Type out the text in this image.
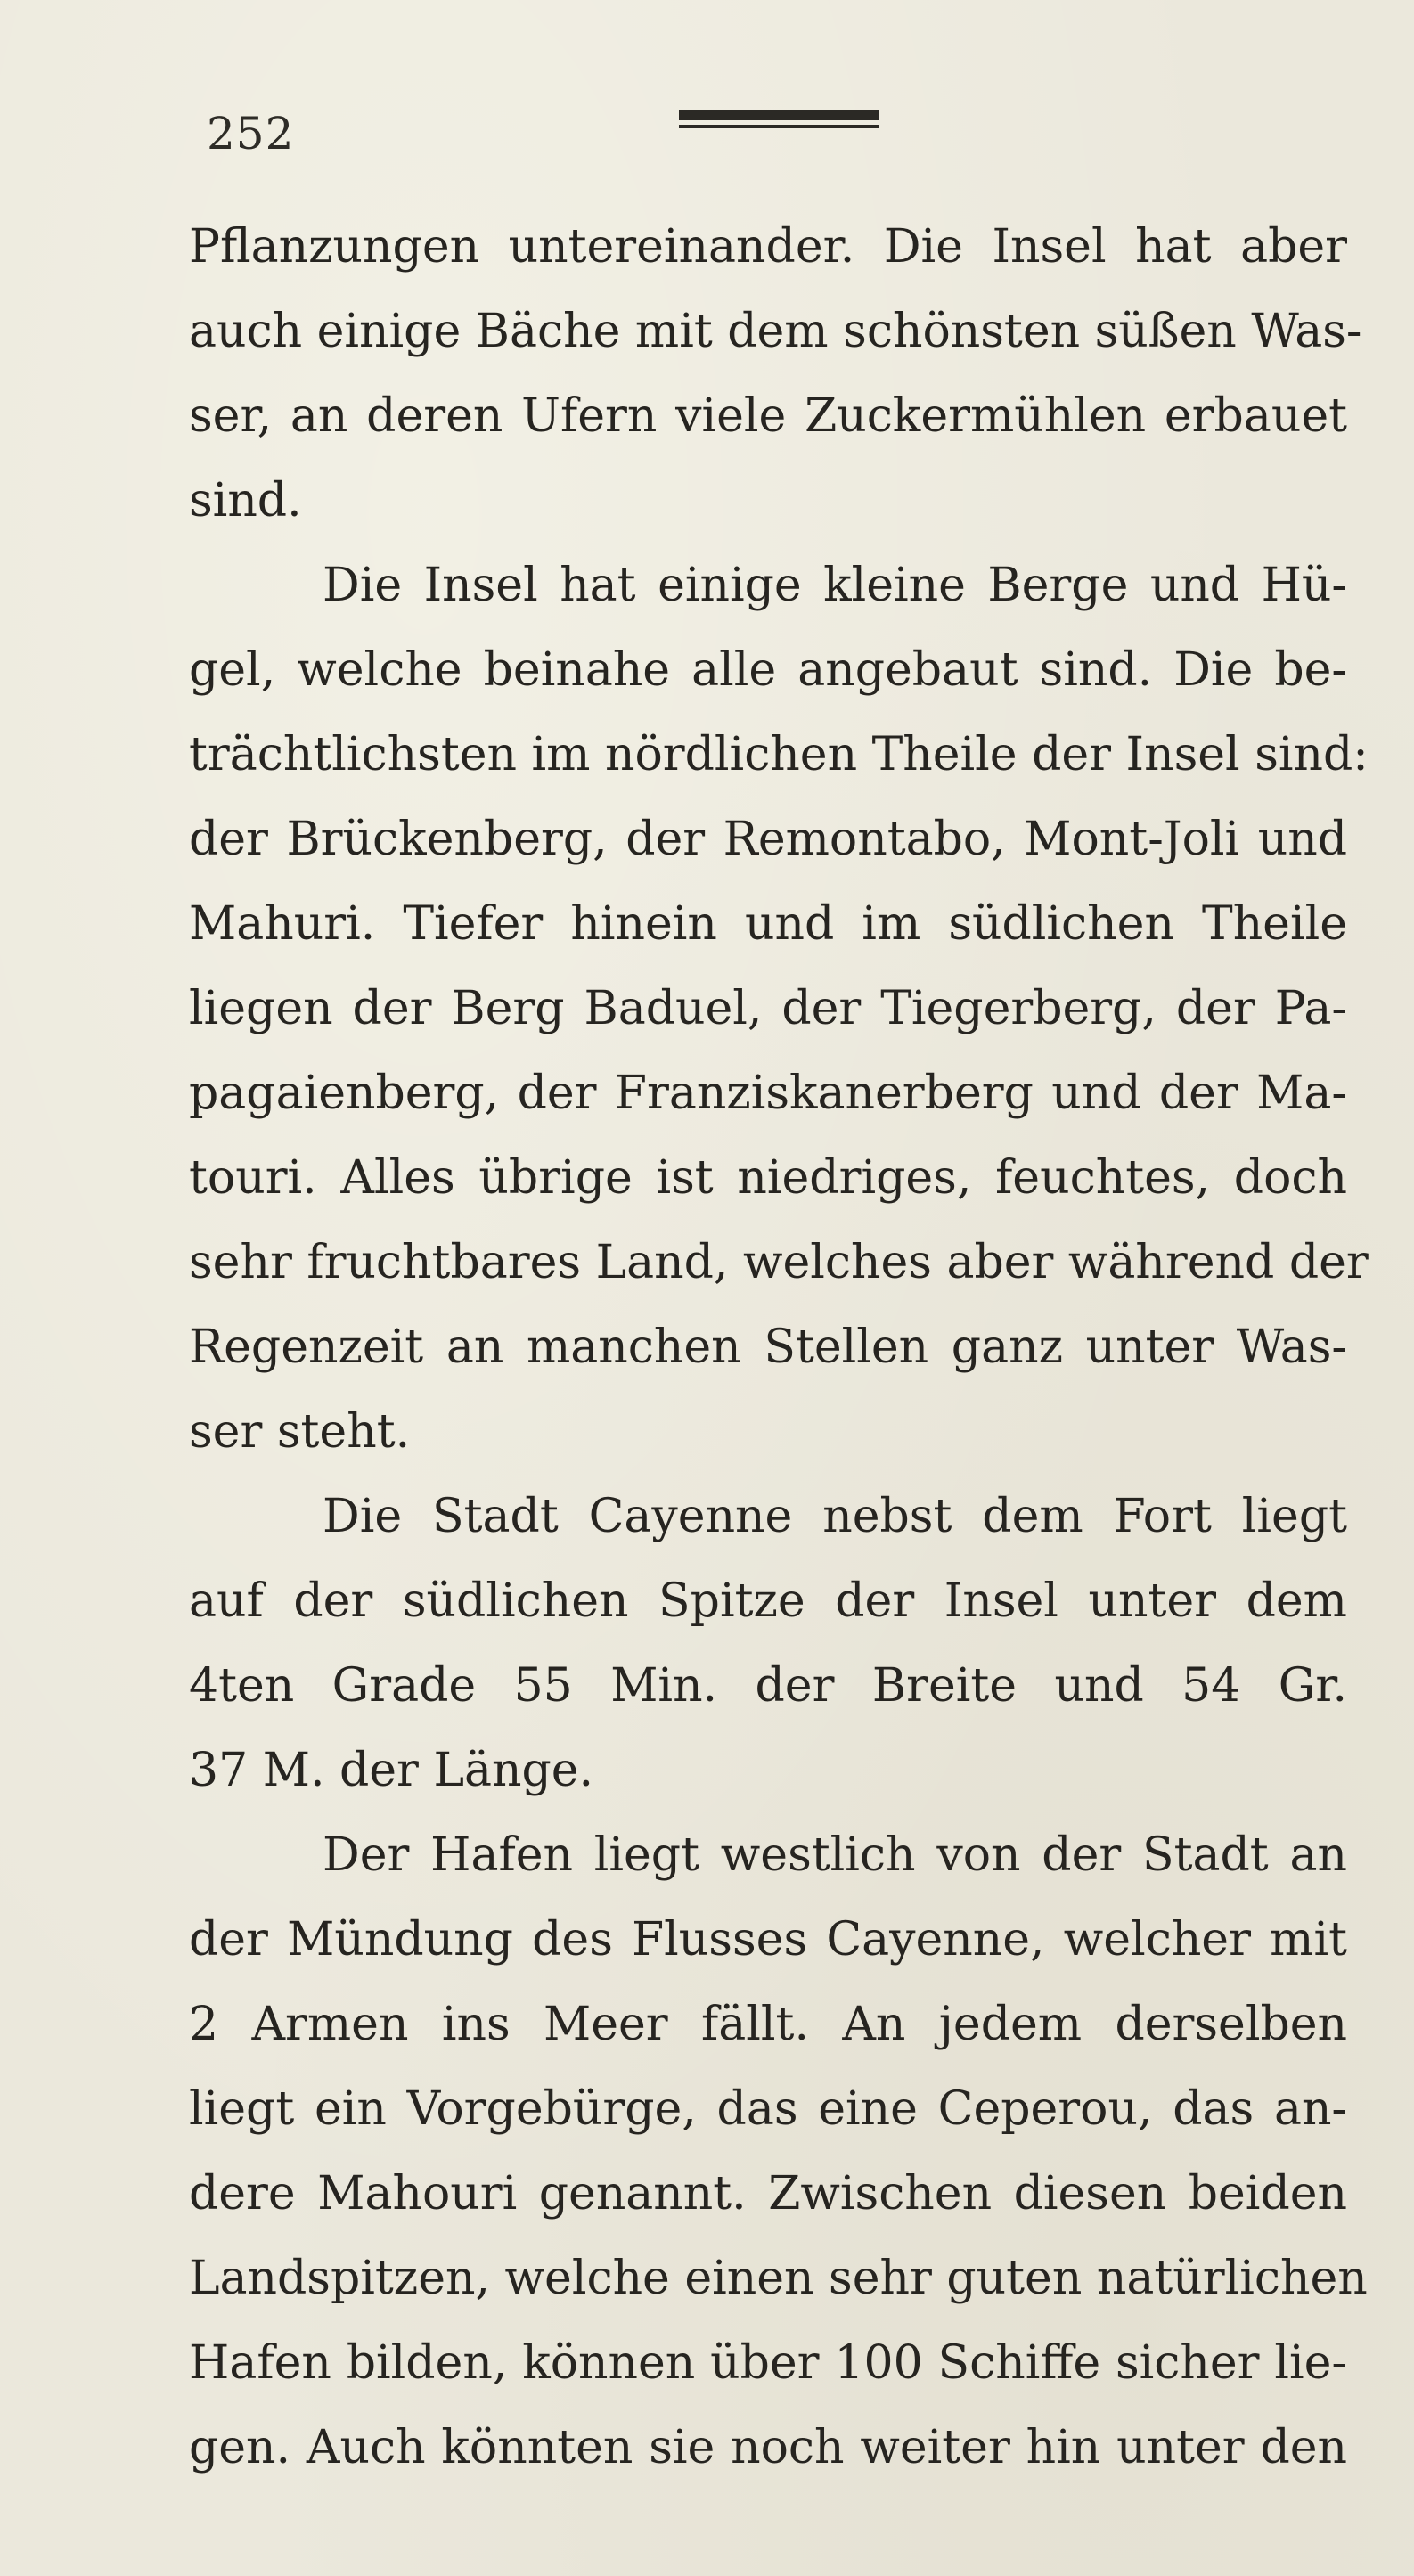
252
Pflanzungen untereinander. Die Insel hat aber
auch einige Bäche mit dem schönsten süßen Was-
ser, an deren Ufern viele Zuckermühlen erbauet
sind.
Die Insel hat einige kleine Berge und Hü-
gel, welche beinahe alle angebaut sind. Die be-
trächtlichsten im nördlichen Theile der Insel sind:
der Brückenberg, der Remontabo, Mont-Joli und
Mahuri. Tiefer hinein und im südlichen Theile
liegen der Berg Baduel, der Tiegerberg, der Pa-
pagaienberg, der Franziskanerberg und der Ma-
touri. Alles übrige ist niedriges, feuchtes, doch
sehr fruchtbares Land, welches aber während der
Regenzeit an manchen Stellen ganz unter Was-
ser steht.
Die Stadt Cayenne nebst dem Fort liegt
auf der südlichen Spitze der Insel unter dem
4ten Grade 55 Min. der Breite und 54 Gr.
37 M. der Länge.
Der Hafen liegt westlich von der Stadt an
der Mündung des Flusses Cayenne, welcher mit
2 Armen ins Meer fällt. An jedem derselben
liegt ein Vorgebürge, das eine Ceperou, das an-
dere Mahouri genannt. Zwischen diesen beiden
Landspitzen, welche einen sehr guten natürlichen
Hafen bilden, können über 100 Schiffe sicher lie-
gen. Auch könnten sie noch weiter hin unter den
